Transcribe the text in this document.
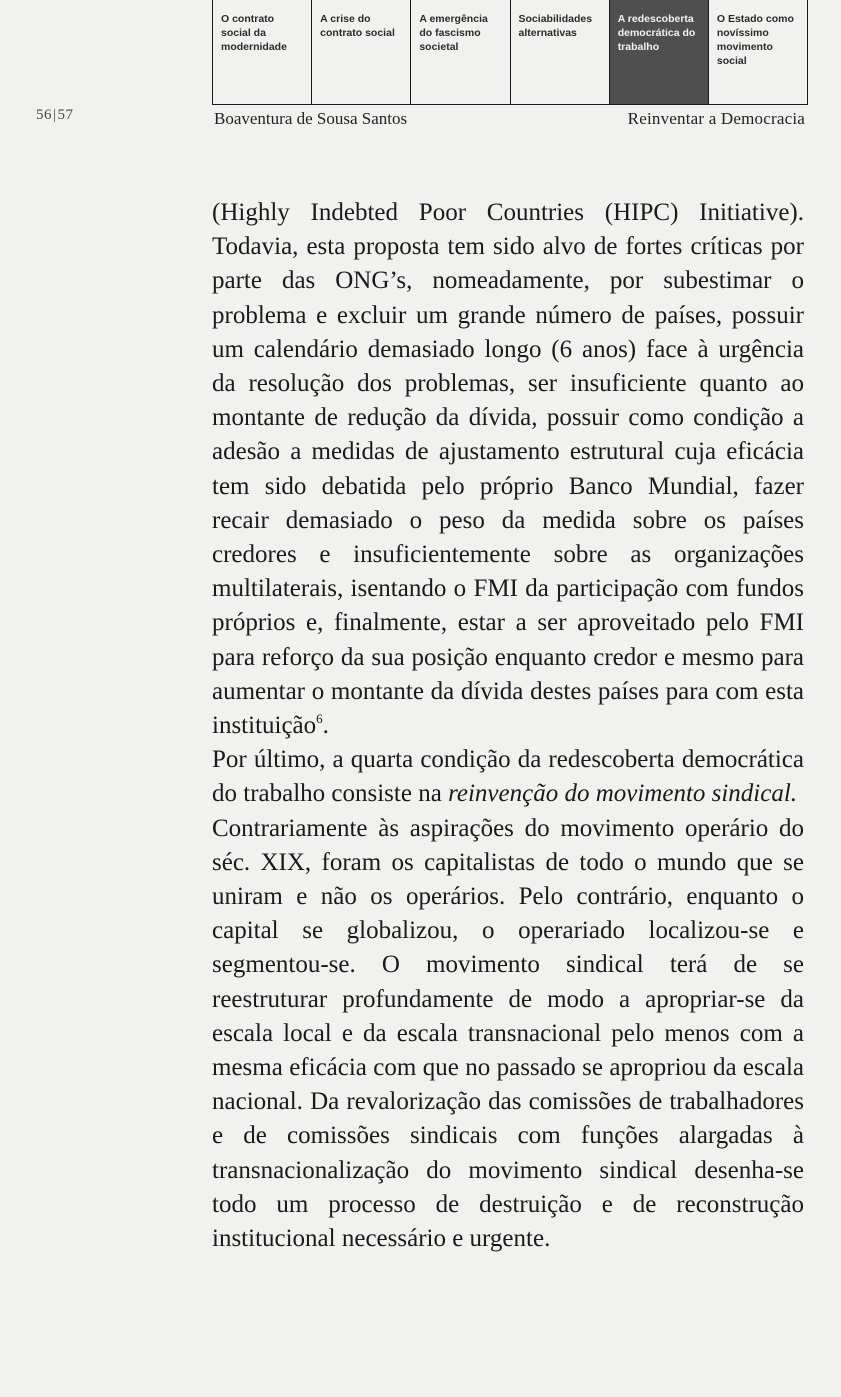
O contrato social da modernidade
A crise do contrato social
A emergência do fascismo societal
Sociabilidades alternativas
A redescoberta democrática do trabalho
O Estado como novíssimo movimento social
56|57	Boaventura de Sousa Santos	Reinventar a Democracia

(Highly Indebted Poor Countries (HIPC) Initiative). Todavia, esta proposta tem sido alvo de fortes críticas por parte das ONG’s, nomeadamente, por subestimar o problema e excluir um grande número de países, possuir um calendário demasiado longo (6 anos) face à urgência da resolução dos problemas, ser insuficiente quanto ao montante de redução da dívida, possuir como condição a adesão a medidas de ajustamento estrutural cuja eficácia tem sido debatida pelo próprio Banco Mundial, fazer recair demasiado o peso da medida sobre os países credores e insuficientemente sobre as organizações multilaterais, isentando o FMI da participação com fundos próprios e, finalmente, estar a ser aproveitado pelo FMI para reforço da sua posição enquanto credor e mesmo para aumentar o montante da dívida destes países para com esta instituição$^6$.

Por último, a quarta condição da redescoberta democrática do trabalho consiste na reinvenção do movimento sindical.

Contrariamente às aspirações do movimento operário do séc. XIX, foram os capitalistas de todo o mundo que se uniram e não os operários. Pelo contrário, enquanto o capital se globalizou, o operariado localizou-se e segmentou-se. O movimento sindical terá de se reestruturar profundamente de modo a apropriar-se da escala local e da escala transnacional pelo menos com a mesma eficácia com que no passado se apropriou da escala nacional. Da revalorização das comissões de trabalhadores e de comissões sindicais com funções alargadas à transnacionalização do movimento sindical desenha-se todo um processo de destruição e de reconstrução institucional necessário e urgente.
